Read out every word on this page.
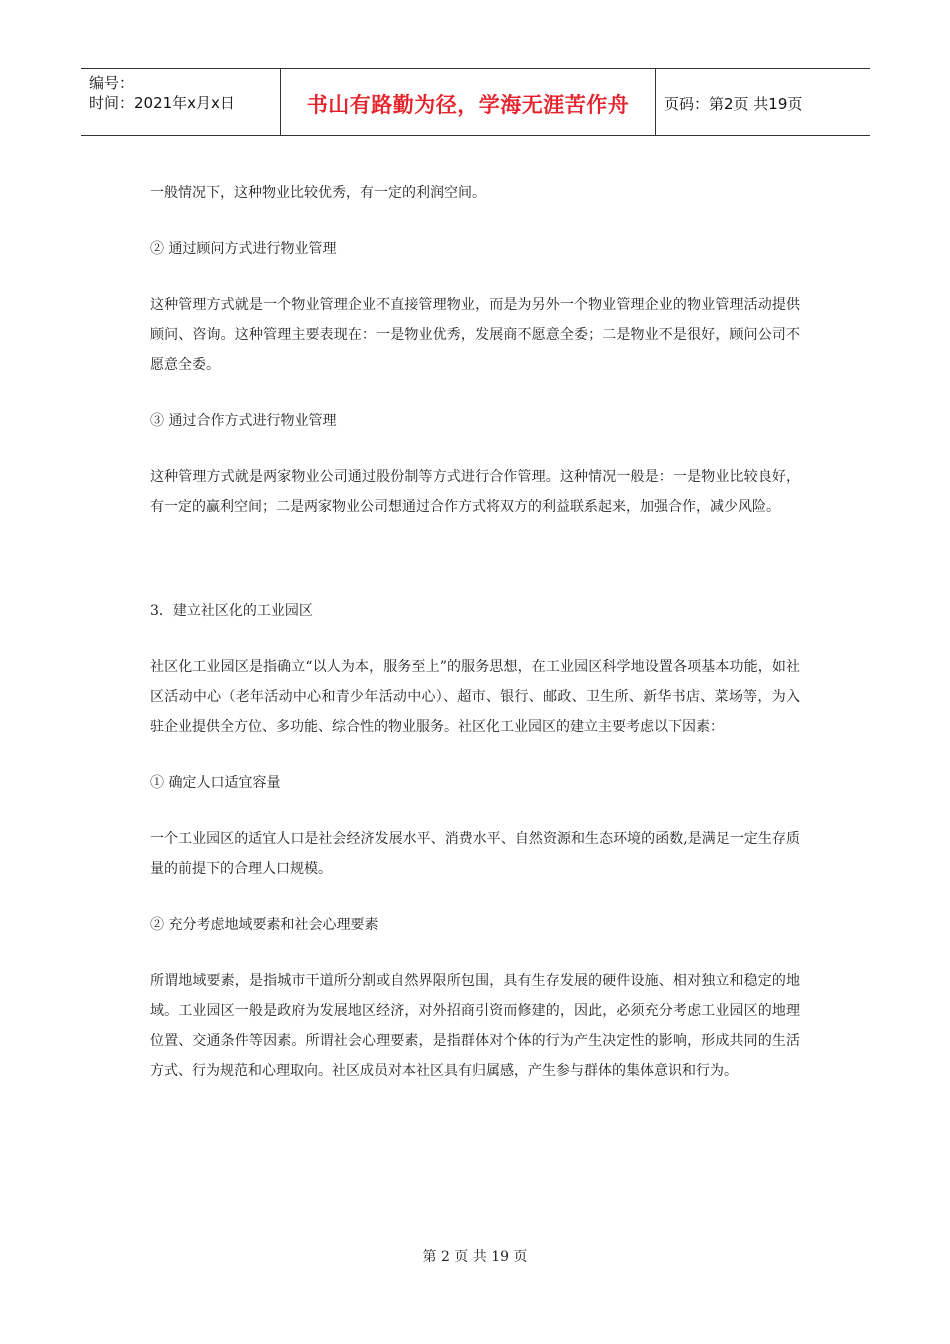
编号：
时间：2021年x月x日	书山有路勤为径，学海无涯苦作舟	页码：第2页 共19页

一般情况下，这种物业比较优秀，有一定的利润空间。

② 通过顾问方式进行物业管理

这种管理方式就是一个物业管理企业不直接管理物业，而是为另外一个物业管理企业的物业管理活动提供顾问、咨询。这种管理主要表现在：一是物业优秀，发展商不愿意全委；二是物业不是很好，顾问公司不愿意全委。

③ 通过合作方式进行物业管理

这种管理方式就是两家物业公司通过股份制等方式进行合作管理。这种情况一般是：一是物业比较良好，有一定的赢利空间；二是两家物业公司想通过合作方式将双方的利益联系起来，加强合作，减少风险。

3．建立社区化的工业园区

社区化工业园区是指确立“以人为本，服务至上”的服务思想，在工业园区科学地设置各项基本功能，如社区活动中心（老年活动中心和青少年活动中心）、超市、银行、邮政、卫生所、新华书店、菜场等，为入驻企业提供全方位、多功能、综合性的物业服务。社区化工业园区的建立主要考虑以下因素：

① 确定人口适宜容量

一个工业园区的适宜人口是社会经济发展水平、消费水平、自然资源和生态环境的函数,是满足一定生存质量的前提下的合理人口规模。

② 充分考虑地域要素和社会心理要素

所谓地域要素，是指城市干道所分割或自然界限所包围，具有生存发展的硬件设施、相对独立和稳定的地域。工业园区一般是政府为发展地区经济，对外招商引资而修建的，因此，必须充分考虑工业园区的地理位置、交通条件等因素。所谓社会心理要素，是指群体对个体的行为产生决定性的影响，形成共同的生活方式、行为规范和心理取向。社区成员对本社区具有归属感，产生参与群体的集体意识和行为。

第 2 页 共 19 页
